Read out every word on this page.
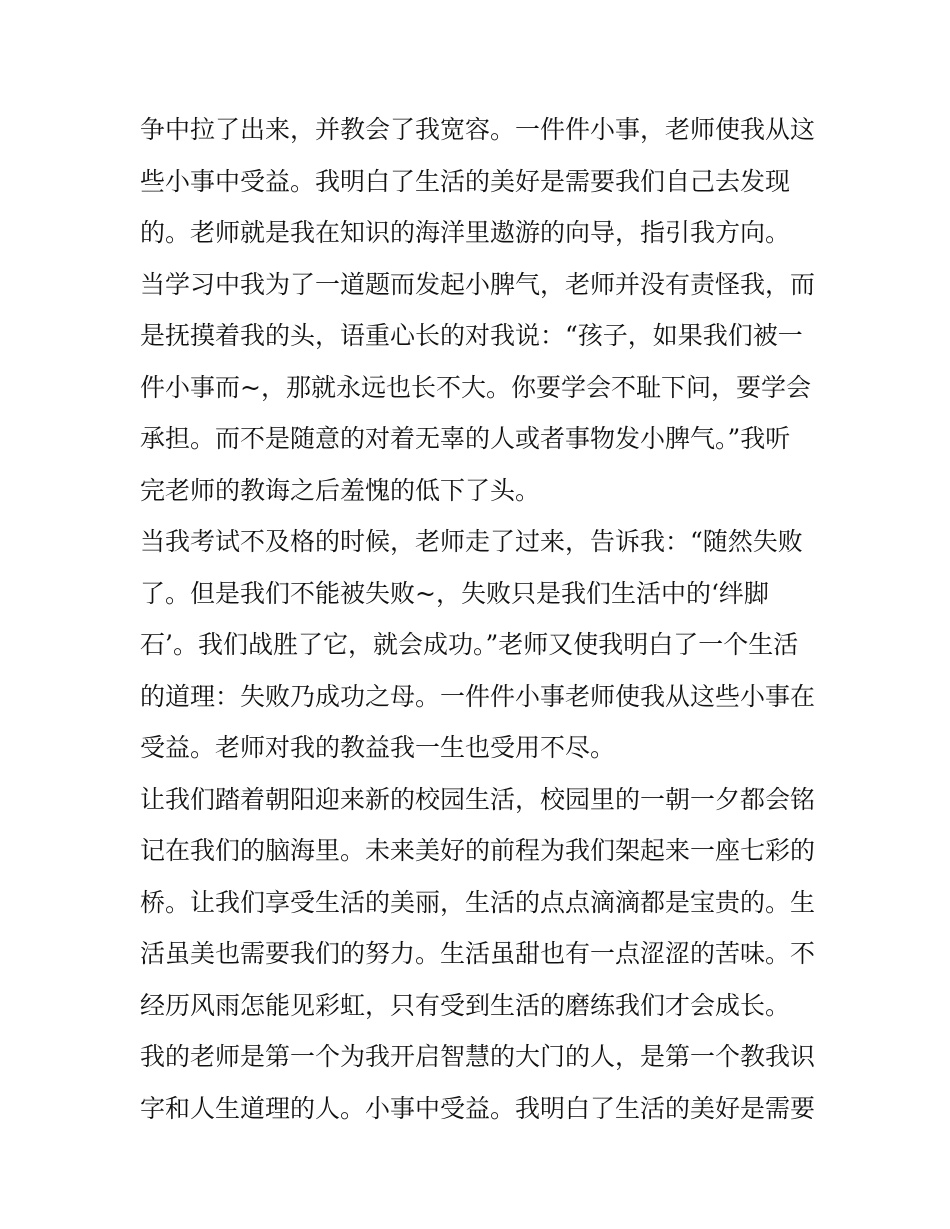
争中拉了出来，并教会了我宽容。一件件小事，老师使我从这
些小事中受益。我明白了生活的美好是需要我们自己去发现
的。老师就是我在知识的海洋里遨游的向导，指引我方向。
当学习中我为了一道题而发起小脾气，老师并没有责怪我，而
是抚摸着我的头，语重心长的对我说：“孩子，如果我们被一
件小事而~，那就永远也长不大。你要学会不耻下问，要学会
承担。而不是随意的对着无辜的人或者事物发小脾气。”我听
完老师的教诲之后羞愧的低下了头。
当我考试不及格的时候，老师走了过来，告诉我：“随然失败
了。但是我们不能被失败~，失败只是我们生活中的‘绊脚
石’。我们战胜了它，就会成功。”老师又使我明白了一个生活
的道理：失败乃成功之母。一件件小事老师使我从这些小事在
受益。老师对我的教益我一生也受用不尽。
让我们踏着朝阳迎来新的校园生活，校园里的一朝一夕都会铭
记在我们的脑海里。未来美好的前程为我们架起来一座七彩的
桥。让我们享受生活的美丽，生活的点点滴滴都是宝贵的。生
活虽美也需要我们的努力。生活虽甜也有一点涩涩的苦味。不
经历风雨怎能见彩虹，只有受到生活的磨练我们才会成长。
我的老师是第一个为我开启智慧的大门的人，是第一个教我识
字和人生道理的人。小事中受益。我明白了生活的美好是需要
